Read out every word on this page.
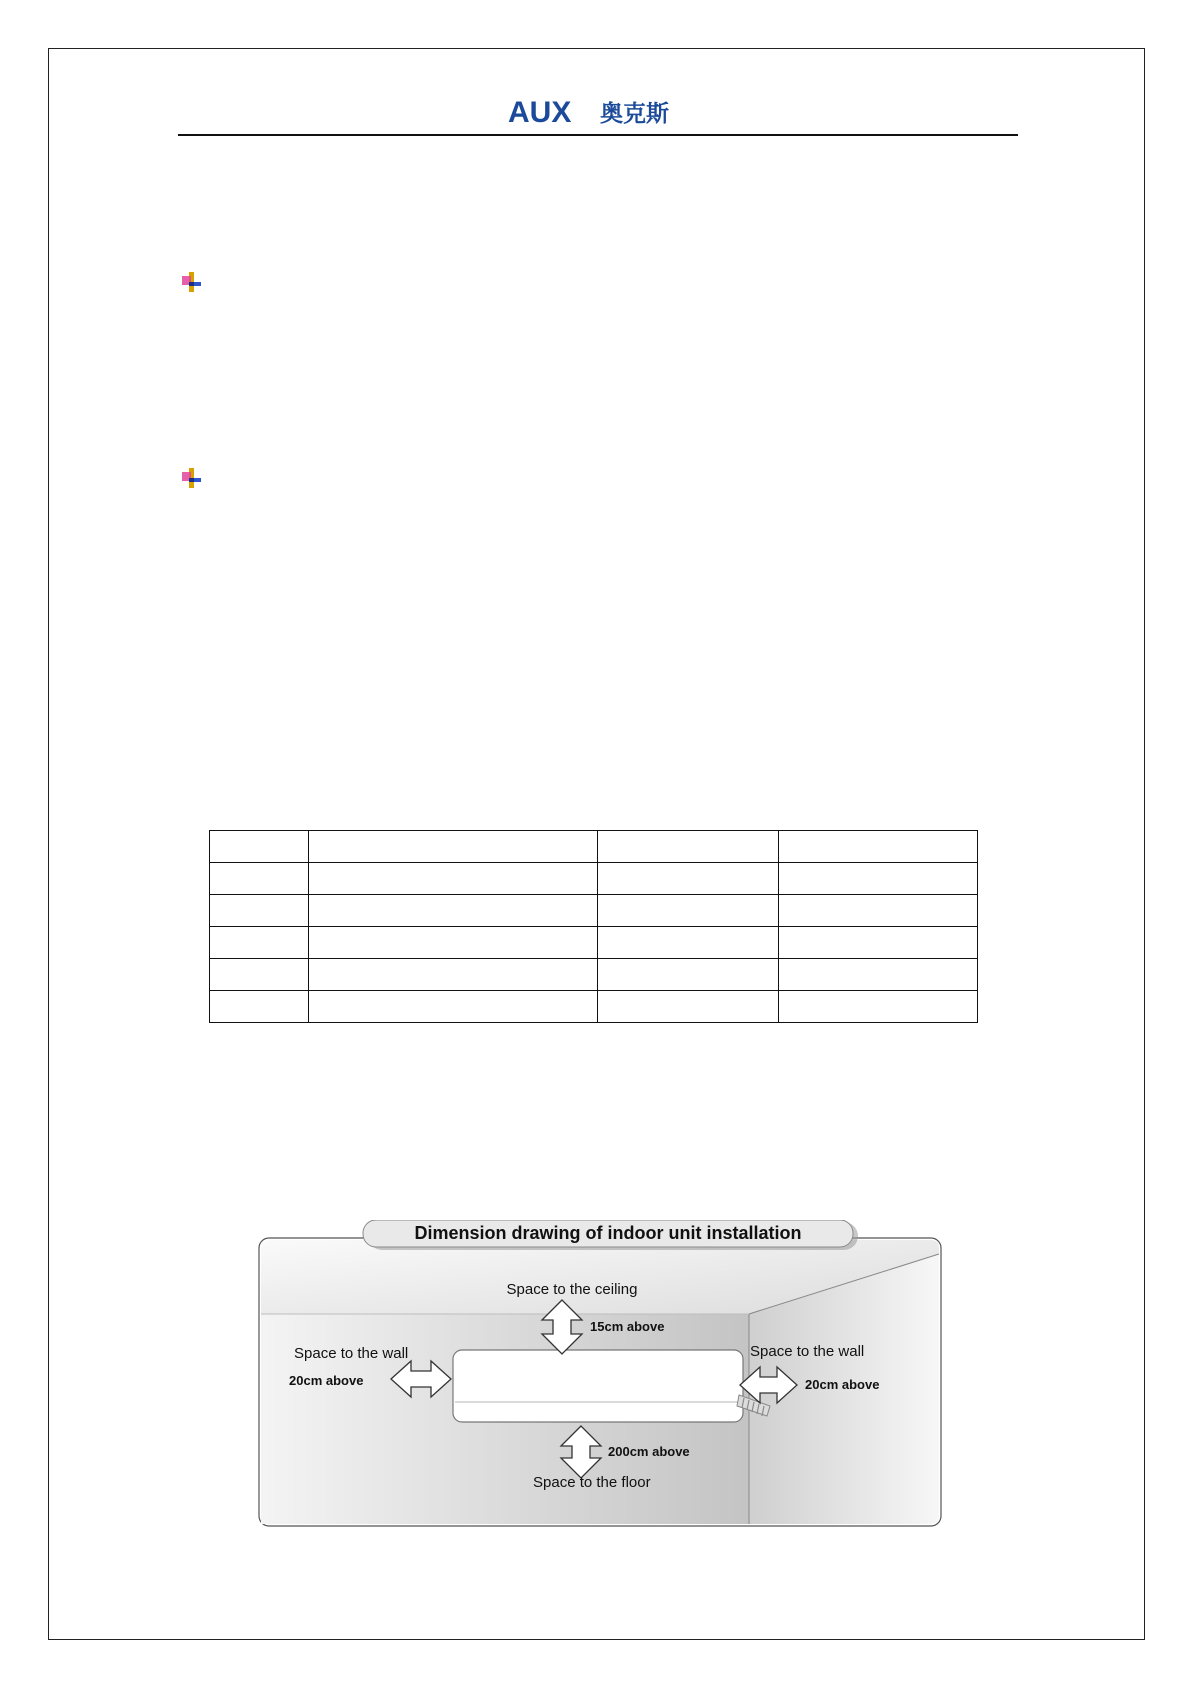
AUX 奥克斯

Dimension drawing of indoor unit installation
Space to the ceiling
15cm above
Space to the wall
20cm above
Space to the wall
20cm above
200cm above
Space to the floor
